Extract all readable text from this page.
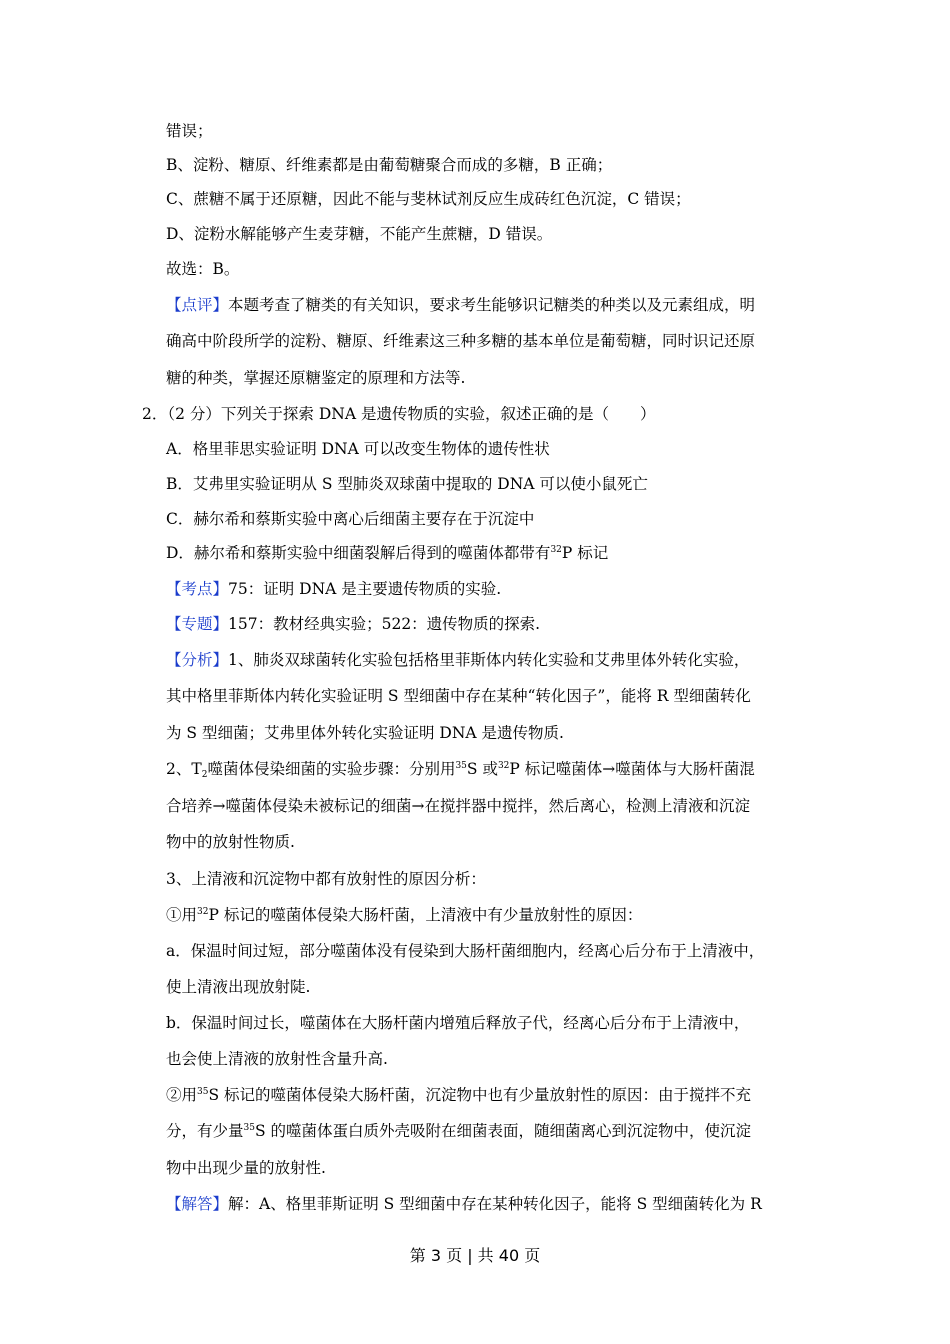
错误；
B、淀粉、糖原、纤维素都是由葡萄糖聚合而成的多糖，B 正确；
C、蔗糖不属于还原糖，因此不能与斐林试剂反应生成砖红色沉淀，C 错误；
D、淀粉水解能够产生麦芽糖，不能产生蔗糖，D 错误。
故选：B。
【点评】本题考查了糖类的有关知识，要求考生能够识记糖类的种类以及元素组成，明
确高中阶段所学的淀粉、糖原、纤维素这三种多糖的基本单位是葡萄糖，同时识记还原
糖的种类，掌握还原糖鉴定的原理和方法等.
2．（2 分）下列关于探索 DNA 是遗传物质的实验，叙述正确的是（　　）
A．格里菲思实验证明 DNA 可以改变生物体的遗传性状
B．艾弗里实验证明从 S 型肺炎双球菌中提取的 DNA 可以使小鼠死亡
C．赫尔希和蔡斯实验中离心后细菌主要存在于沉淀中
D．赫尔希和蔡斯实验中细菌裂解后得到的噬菌体都带有$^{32}$P 标记
【考点】75：证明 DNA 是主要遗传物质的实验.
【专题】157：教材经典实验；522：遗传物质的探索.
【分析】1、肺炎双球菌转化实验包括格里菲斯体内转化实验和艾弗里体外转化实验，
其中格里菲斯体内转化实验证明 S 型细菌中存在某种“转化因子”，能将 R 型细菌转化
为 S 型细菌；艾弗里体外转化实验证明 DNA 是遗传物质.
2、$T_2$噬菌体侵染细菌的实验步骤：分别用$^{35}$S 或$^{32}$P 标记噬菌体→噬菌体与大肠杆菌混
合培养→噬菌体侵染未被标记的细菌→在搅拌器中搅拌，然后离心，检测上清液和沉淀
物中的放射性物质.
3、上清液和沉淀物中都有放射性的原因分析：
①用$^{32}$P 标记的噬菌体侵染大肠杆菌，上清液中有少量放射性的原因：
a．保温时间过短，部分噬菌体没有侵染到大肠杆菌细胞内，经离心后分布于上清液中，
使上清液出现放射陡.
b．保温时间过长，噬菌体在大肠杆菌内增殖后释放子代，经离心后分布于上清液中，
也会使上清液的放射性含量升高.
②用$^{35}$S 标记的噬菌体侵染大肠杆菌，沉淀物中也有少量放射性的原因：由于搅拌不充
分，有少量$^{35}$S 的噬菌体蛋白质外壳吸附在细菌表面，随细菌离心到沉淀物中，使沉淀
物中出现少量的放射性.
【解答】解：A、格里菲斯证明 S 型细菌中存在某种转化因子，能将 S 型细菌转化为 R
第 3 页 | 共 40 页
